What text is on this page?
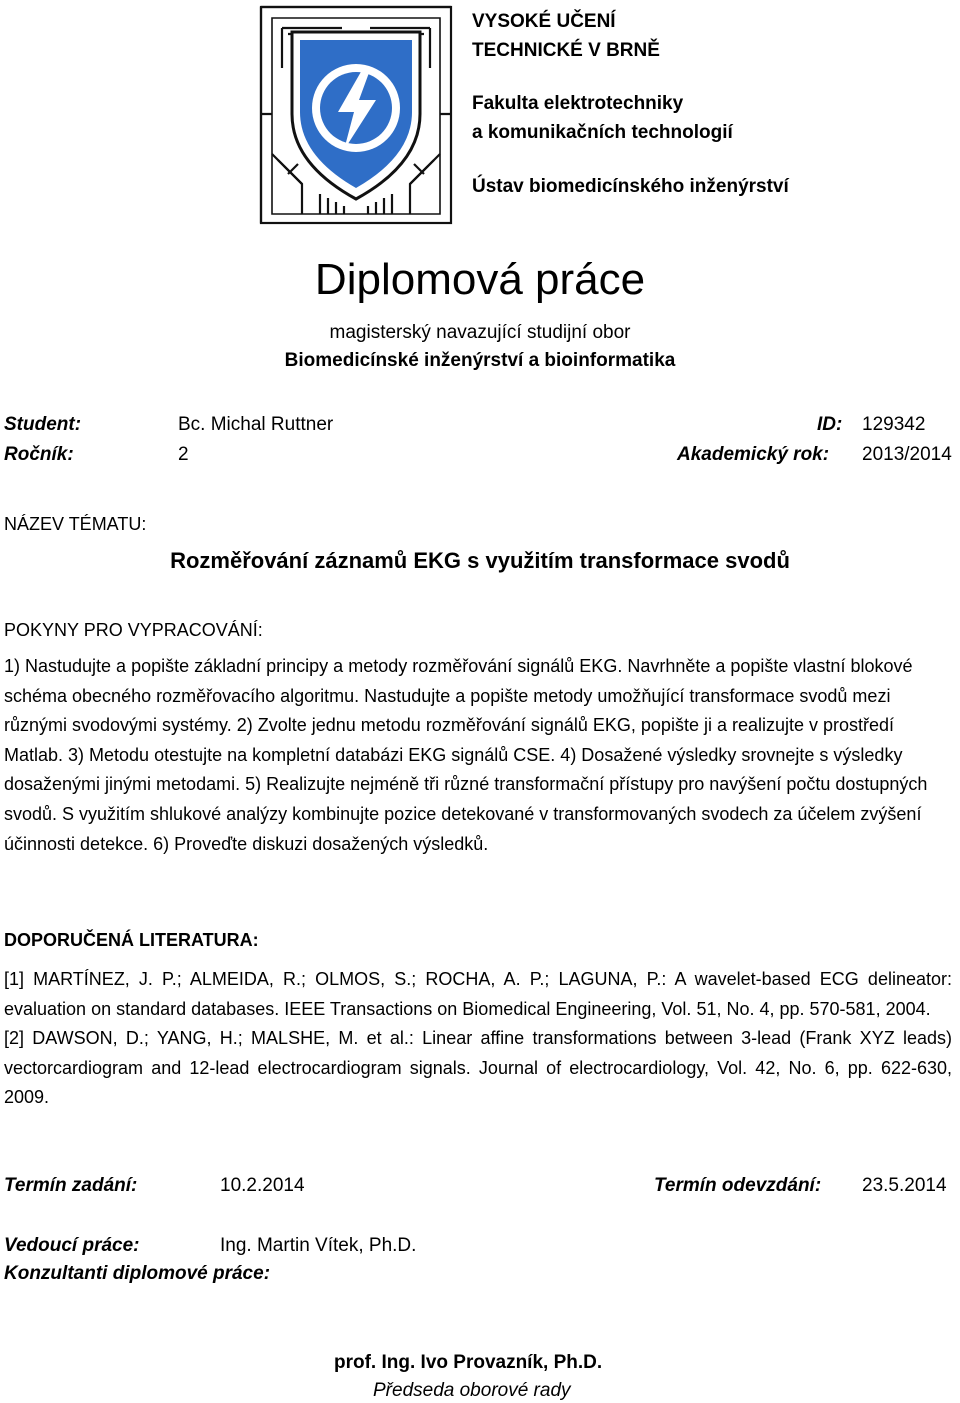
VYSOKÉ UČENÍ
TECHNICKÉ V BRNĚ
Fakulta elektrotechniky
a komunikačních technologií
Ústav biomedicínského inženýrství
Diplomová práce
magisterský navazující studijní obor
Biomedicínské inženýrství a bioinformatika
Student:	Bc. Michal Ruttner	ID: 129342
Ročník:	2	Akademický rok: 2013/2014
NÁZEV TÉMATU:
Rozměřování záznamů EKG s využitím transformace svodů
POKYNY PRO VYPRACOVÁNÍ:

1) Nastudujte a popište základní principy a metody rozměřování signálů EKG. Navrhněte a popište vlastní blokové schéma obecného rozměřovacího algoritmu. Nastudujte a popište metody umožňující transformace svodů mezi různými svodovými systémy. 2) Zvolte jednu metodu rozměřování signálů EKG, popište ji a realizujte v prostředí Matlab. 3) Metodu otestujte na kompletní databázi EKG signálů CSE. 4) Dosažené výsledky srovnejte s výsledky dosaženými jinými metodami. 5) Realizujte nejméně tři různé transformační přístupy pro navýšení počtu dostupných svodů. S využitím shlukové analýzy kombinujte pozice detekované v transformovaných svodech za účelem zvýšení účinnosti detekce. 6) Proveďte diskuzi dosažených výsledků.

DOPORUČENÁ LITERATURA:

[1] MARTÍNEZ, J. P.; ALMEIDA, R.; OLMOS, S.; ROCHA, A. P.; LAGUNA, P.: A wavelet-based ECG delineator: evaluation on standard databases. IEEE Transactions on Biomedical Engineering, Vol. 51, No. 4, pp. 570-581, 2004.

[2] DAWSON, D.; YANG, H.; MALSHE, M. et al.: Linear affine transformations between 3-lead (Frank XYZ leads) vectorcardiogram and 12-lead electrocardiogram signals. Journal of electrocardiology, Vol. 42, No. 6, pp. 622-630, 2009.

Termín zadání:	10.2.2014	Termín odevzdání: 23.5.2014
Vedoucí práce:	Ing. Martin Vítek, Ph.D.
Konzultanti diplomové práce:
prof. Ing. Ivo Provazník, Ph.D.
Předseda oborové rady
